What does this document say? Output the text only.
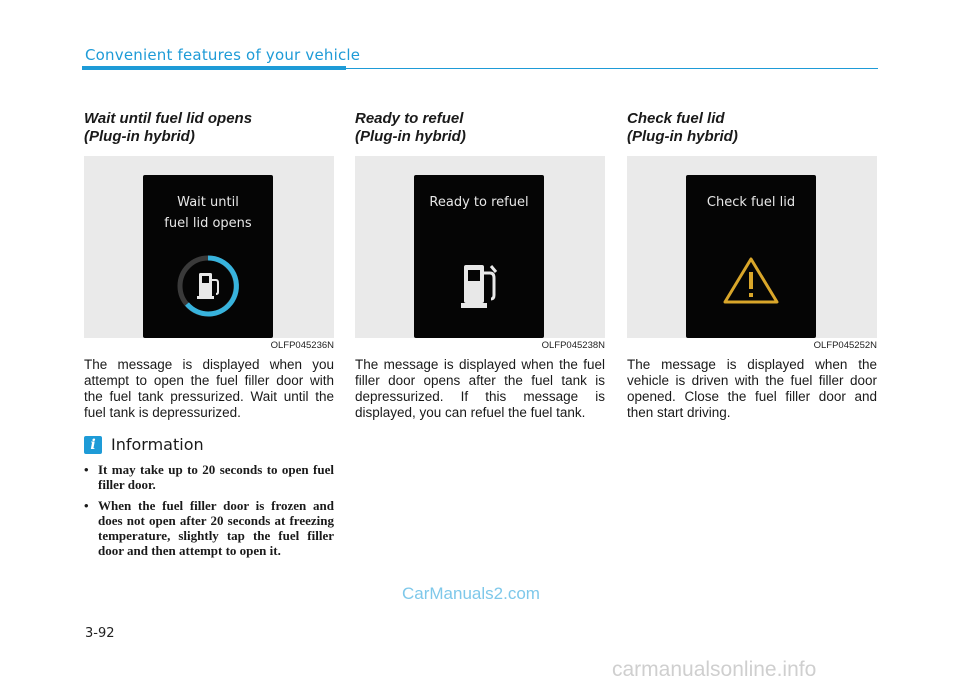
Convenient features of your vehicle
Wait until fuel lid opens
(Plug-in hybrid)
Wait until
fuel lid opens
OLFP045236N
The message is displayed when you attempt to open the fuel filler door with the fuel tank pressurized. Wait until the fuel tank is depressurized.
i Information
• It may take up to 20 seconds to open fuel filler door.
• When the fuel filler door is frozen and does not open after 20 seconds at freezing temperature, slightly tap the fuel filler door and then attempt to open it.
Ready to refuel
(Plug-in hybrid)
Ready to refuel
OLFP045238N
The message is displayed when the fuel filler door opens after the fuel tank is depressurized. If this message is displayed, you can refuel the fuel tank.
Check fuel lid
(Plug-in hybrid)
Check fuel lid
OLFP045252N
The message is displayed when the vehicle is driven with the fuel filler door opened. Close the fuel filler door and then start driving.
CarManuals2.com
3-92
carmanualsonline.info
